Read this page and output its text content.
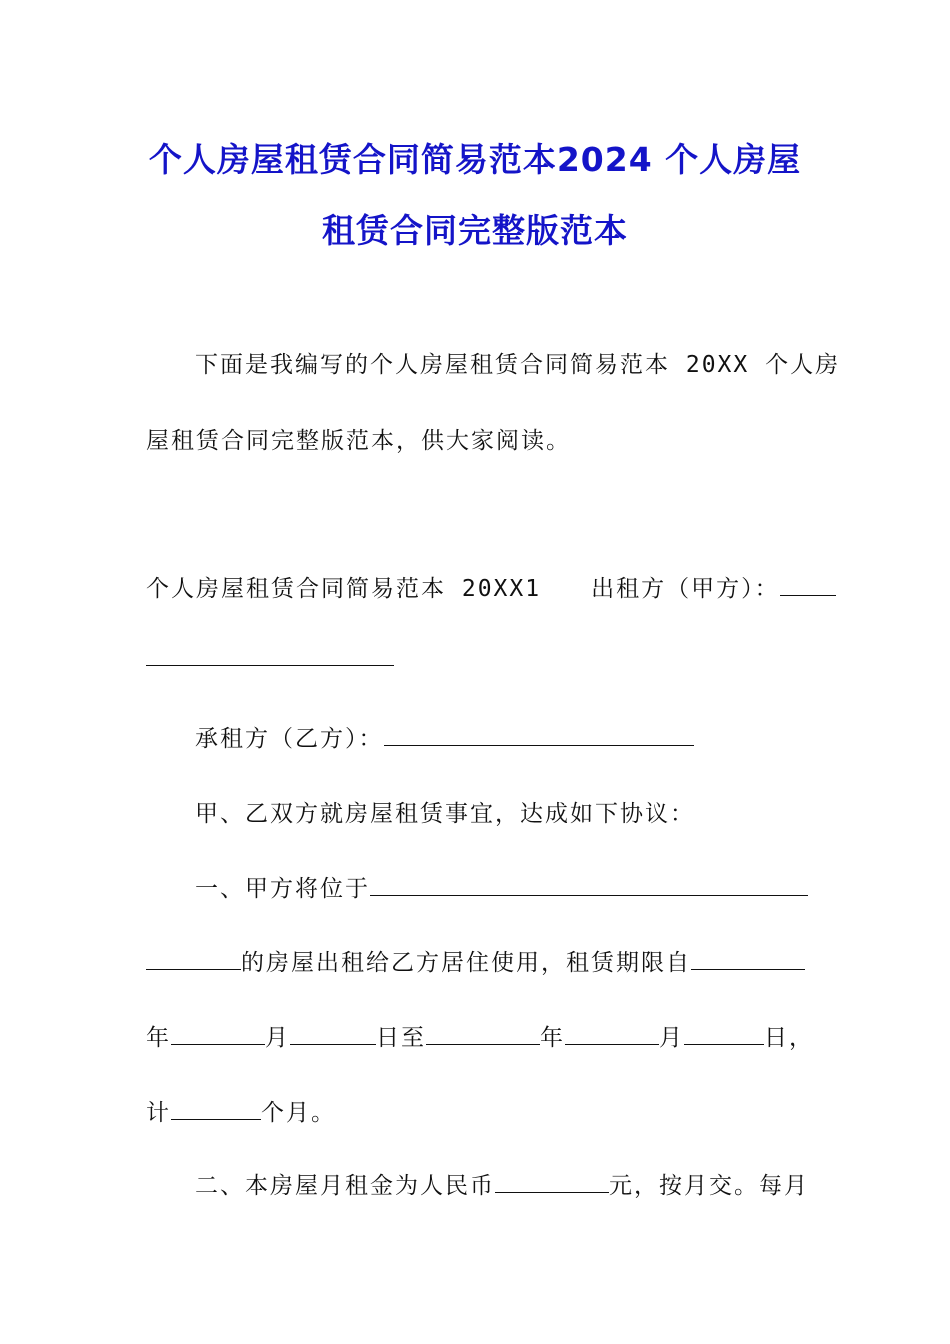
个人房屋租赁合同简易范本2024 个人房屋
租赁合同完整版范本
下面是我编写的个人房屋租赁合同简易范本 20XX 个人房
屋租赁合同完整版范本，供大家阅读。
个人房屋租赁合同简易范本 20XX1 出租方（甲方）：
承租方（乙方）：
甲、乙双方就房屋租赁事宜，达成如下协议：
一、甲方将位于
的房屋出租给乙方居住使用，租赁期限自
年	月	日至	年	月	日，
计	个月。
二、本房屋月租金为人民币	元，按月交。每月
